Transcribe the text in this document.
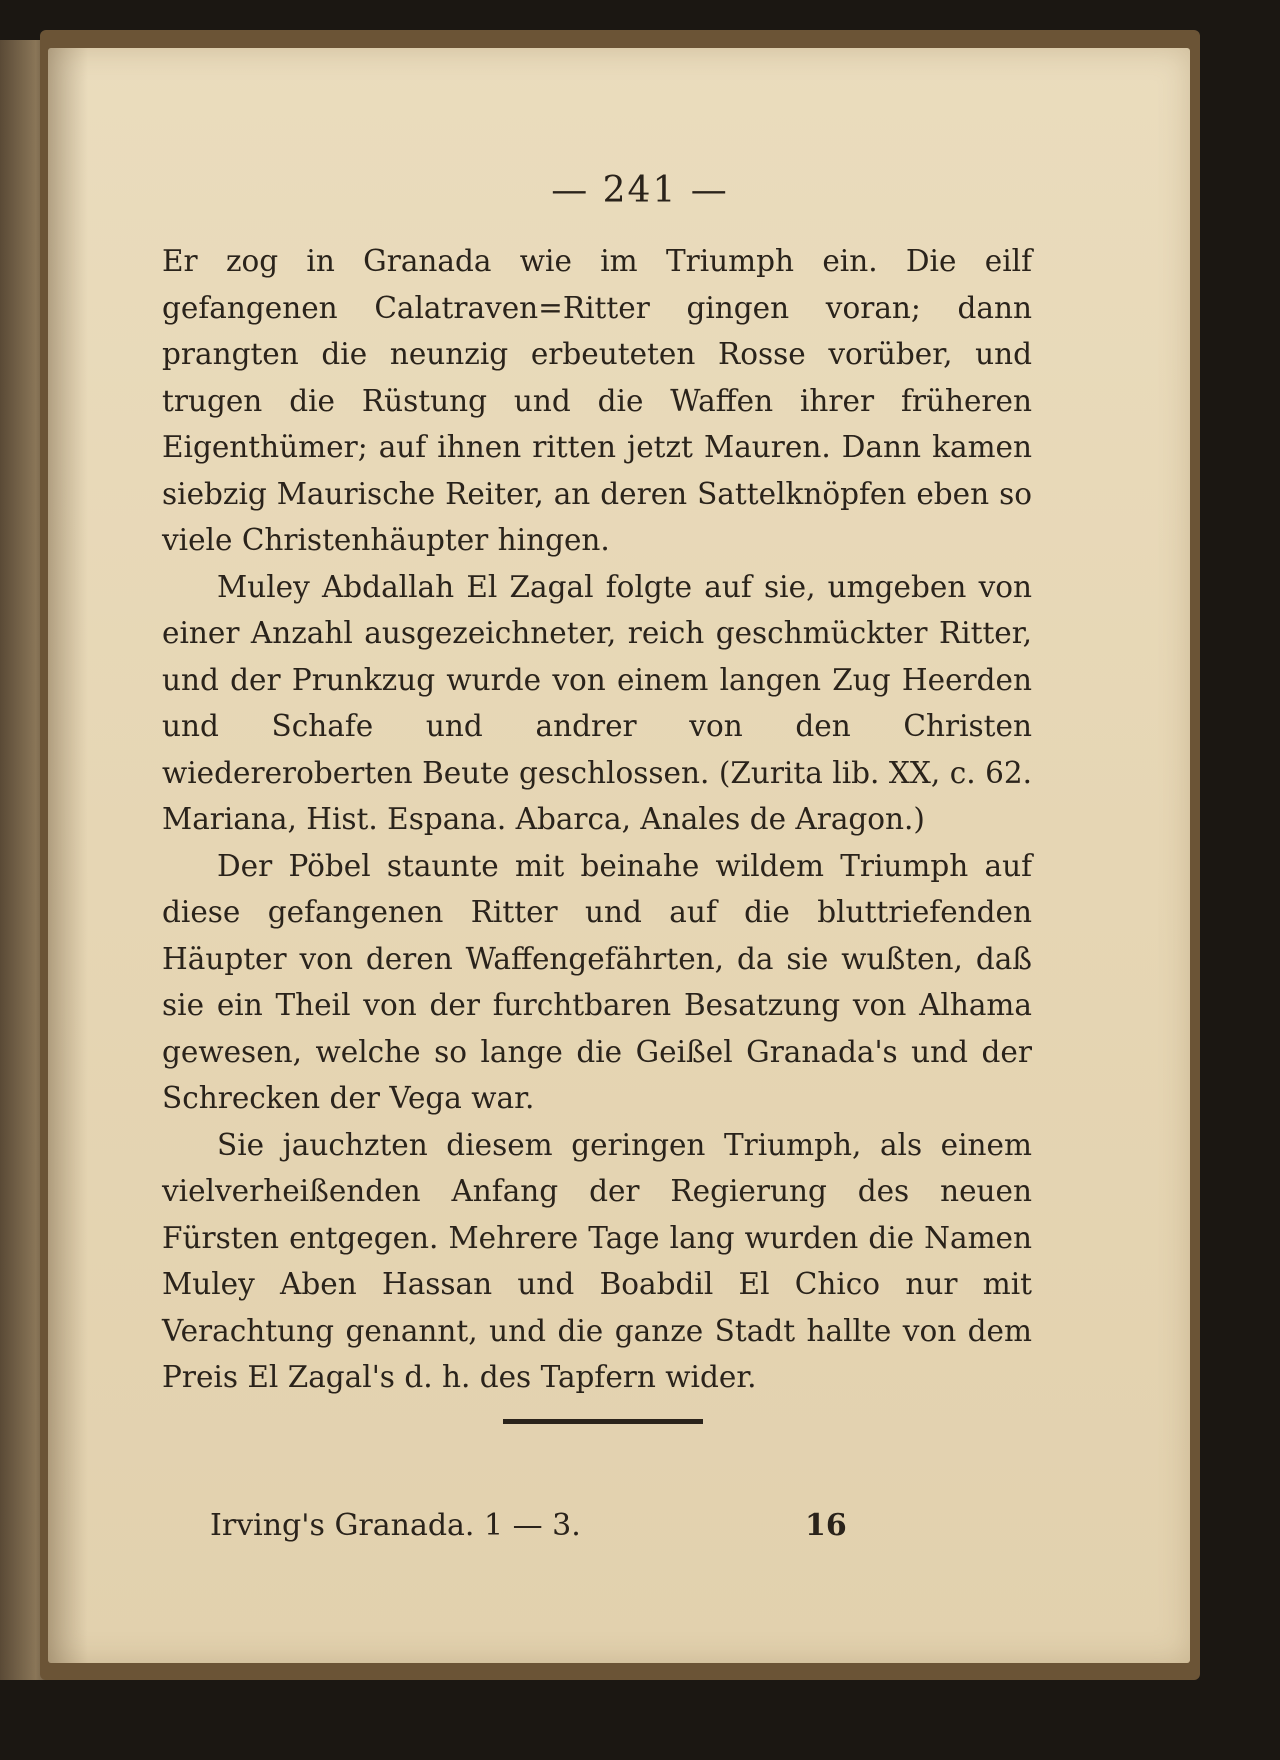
— 241 —

Er zog in Granada wie im Triumph ein. Die eilf gefangenen Calatraven=Ritter gingen voran; dann prangten die neunzig erbeuteten Rosse vorüber, und trugen die Rüstung und die Waffen ihrer früheren Eigenthümer; auf ihnen ritten jetzt Mauren. Dann kamen siebzig Maurische Reiter, an deren Sattelknöpfen eben so viele Christenhäupter hingen.

Muley Abdallah El Zagal folgte auf sie, umgeben von einer Anzahl ausgezeichneter, reich geschmückter Ritter, und der Prunkzug wurde von einem langen Zug Heerden und Schafe und andrer von den Christen wiedereroberten Beute geschlossen. (Zurita lib. XX, c. 62. Mariana, Hist. Espana. Abarca, Anales de Aragon.)

Der Pöbel staunte mit beinahe wildem Triumph auf diese gefangenen Ritter und auf die bluttriefenden Häupter von deren Waffengefährten, da sie wußten, daß sie ein Theil von der furchtbaren Besatzung von Alhama gewesen, welche so lange die Geißel Granada's und der Schrecken der Vega war.

Sie jauchzten diesem geringen Triumph, als einem vielverheißenden Anfang der Regierung des neuen Fürsten entgegen. Mehrere Tage lang wurden die Namen Muley Aben Hassan und Boabdil El Chico nur mit Verachtung genannt, und die ganze Stadt hallte von dem Preis El Zagal's d. h. des Tapfern wider.

Irving's Granada. 1 — 3.	16
